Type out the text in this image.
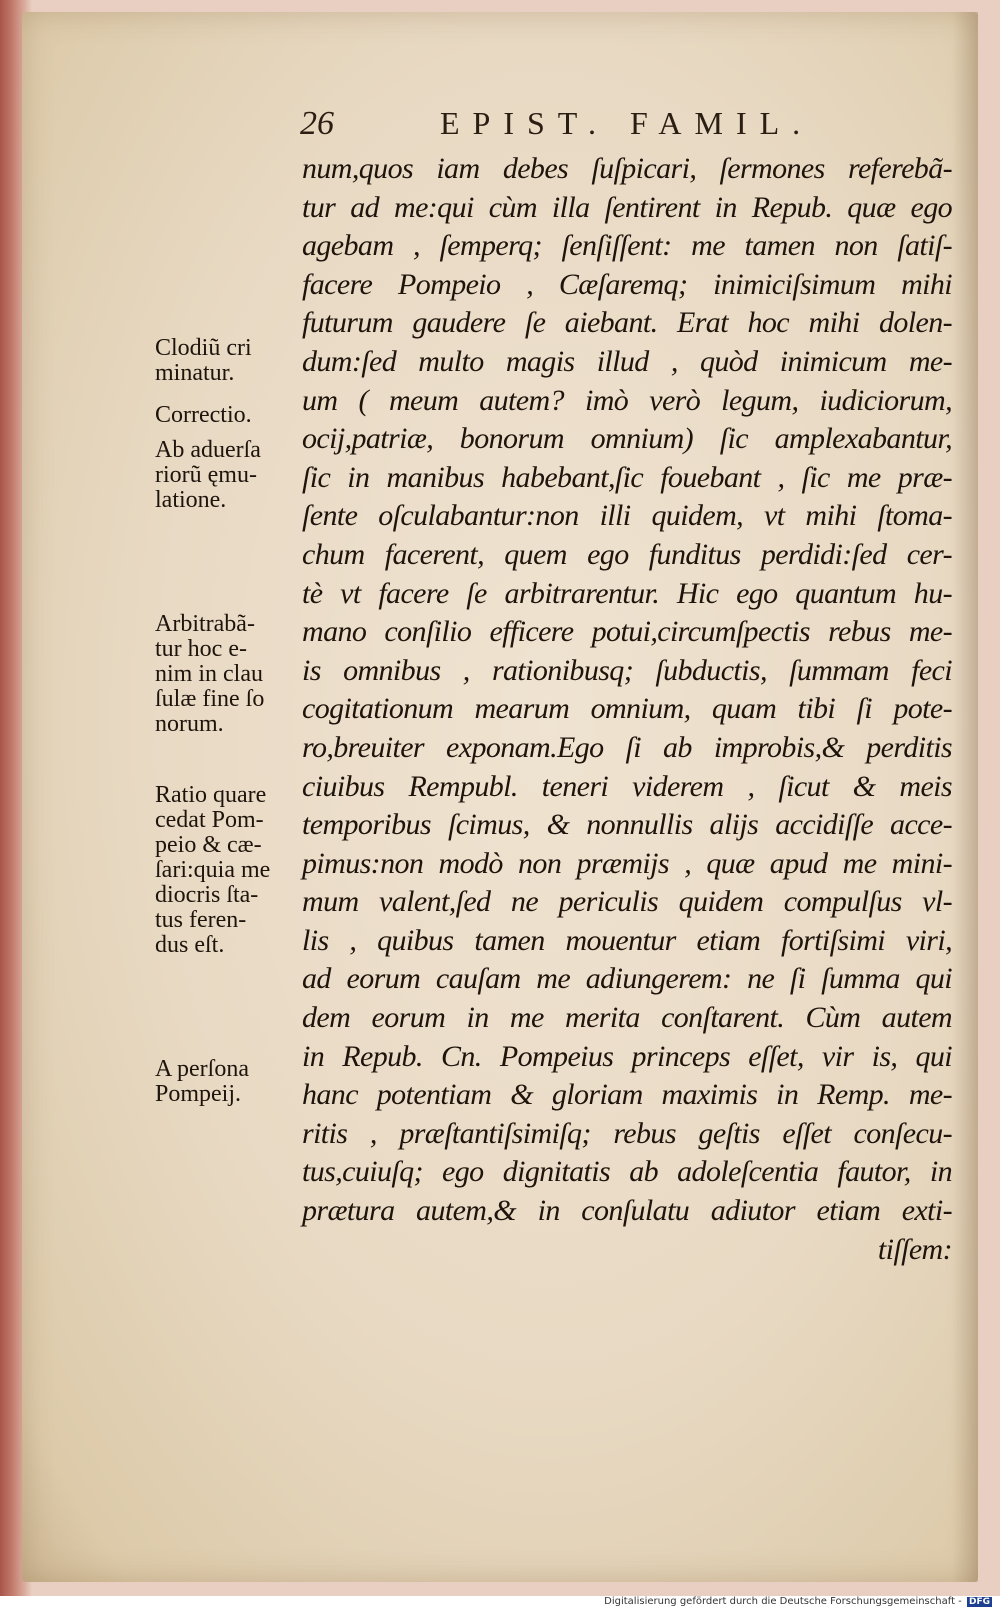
26	EPIST. FAMIL.
num,quos iam debes ſuſpicari, ſermones referebã-
tur ad me:qui cùm illa ſentirent in Repub. quæ ego
agebam , ſemperq; ſenſiſſent: me tamen non ſatiſ-
facere Pompeio , Cæſaremq; inimiciſsimum mihi
futurum gaudere ſe aiebant. Erat hoc mihi dolen-
dum:ſed multo magis illud , quòd inimicum me-
um ( meum autem? imò verò legum, iudiciorum,
ocij,patriæ, bonorum omnium) ſic amplexabantur,
ſic in manibus habebant,ſic fouebant , ſic me præ-
ſente oſculabantur:non illi quidem, vt mihi ſtoma-
chum facerent, quem ego funditus perdidi:ſed cer-
tè vt facere ſe arbitrarentur. Hic ego quantum hu-
mano conſilio efficere potui,circumſpectis rebus me-
is omnibus , rationibusq; ſubductis, ſummam feci
cogitationum mearum omnium, quam tibi ſi pote-
ro,breuiter exponam.Ego ſi ab improbis,& perditis
ciuibus Rempubl. teneri viderem , ſicut & meis
temporibus ſcimus, & nonnullis alijs accidiſſe acce-
pimus:non modò non præmijs , quæ apud me mini-
mum valent,ſed ne periculis quidem compulſus vl-
lis , quibus tamen mouentur etiam fortiſsimi viri,
ad eorum cauſam me adiungerem: ne ſi ſumma qui
dem eorum in me merita conſtarent. Cùm autem
in Repub. Cn. Pompeius princeps eſſet, vir is, qui
hanc potentiam & gloriam maximis in Remp. me-
ritis , præſtantiſsimiſq; rebus geſtis eſſet conſecu-
tus,cuiuſq; ego dignitatis ab adoleſcentia fautor, in
prætura autem,& in conſulatu adiutor etiam exti-
tiſſem:
Clodiũ cri
minatur.
Correctio.
Ab aduerſa
riorũ ęmu-
latione.
Arbitrabã-
tur hoc e-
nim in clau
ſulæ fine ſo
norum.
Ratio quare
cedat Pom-
peio & cæ-
ſari:quia me
diocris ſta-
tus feren-
dus eſt.
A perſona
Pompeij.
Digitalisierung gefördert durch die Deutsche Forschungsgemeinschaft - DFG
